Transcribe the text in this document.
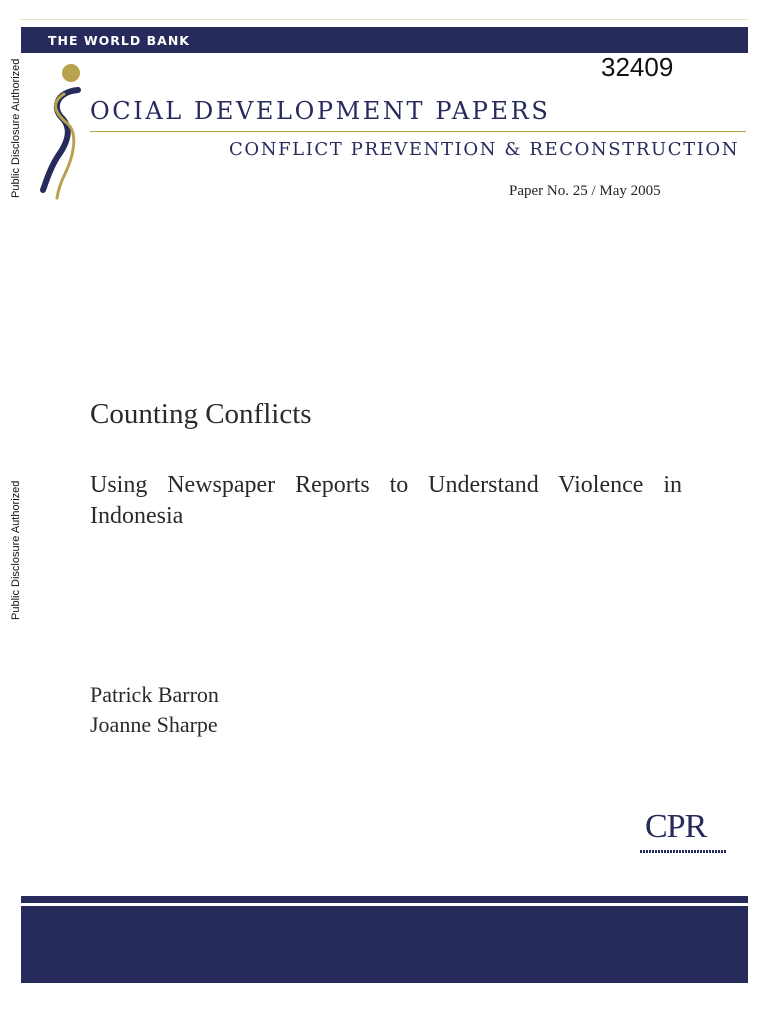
Public Disclosure Authorized
Public Disclosure Authorized
THE WORLD BANK
32409
OCIAL DEVELOPMENT PAPERS
CONFLICT PREVENTION & RECONSTRUCTION
Paper No. 25 / May 2005
Counting Conflicts
Using Newspaper Reports to Understand Violence in Indonesia
Patrick Barron
Joanne Sharpe
CPR
